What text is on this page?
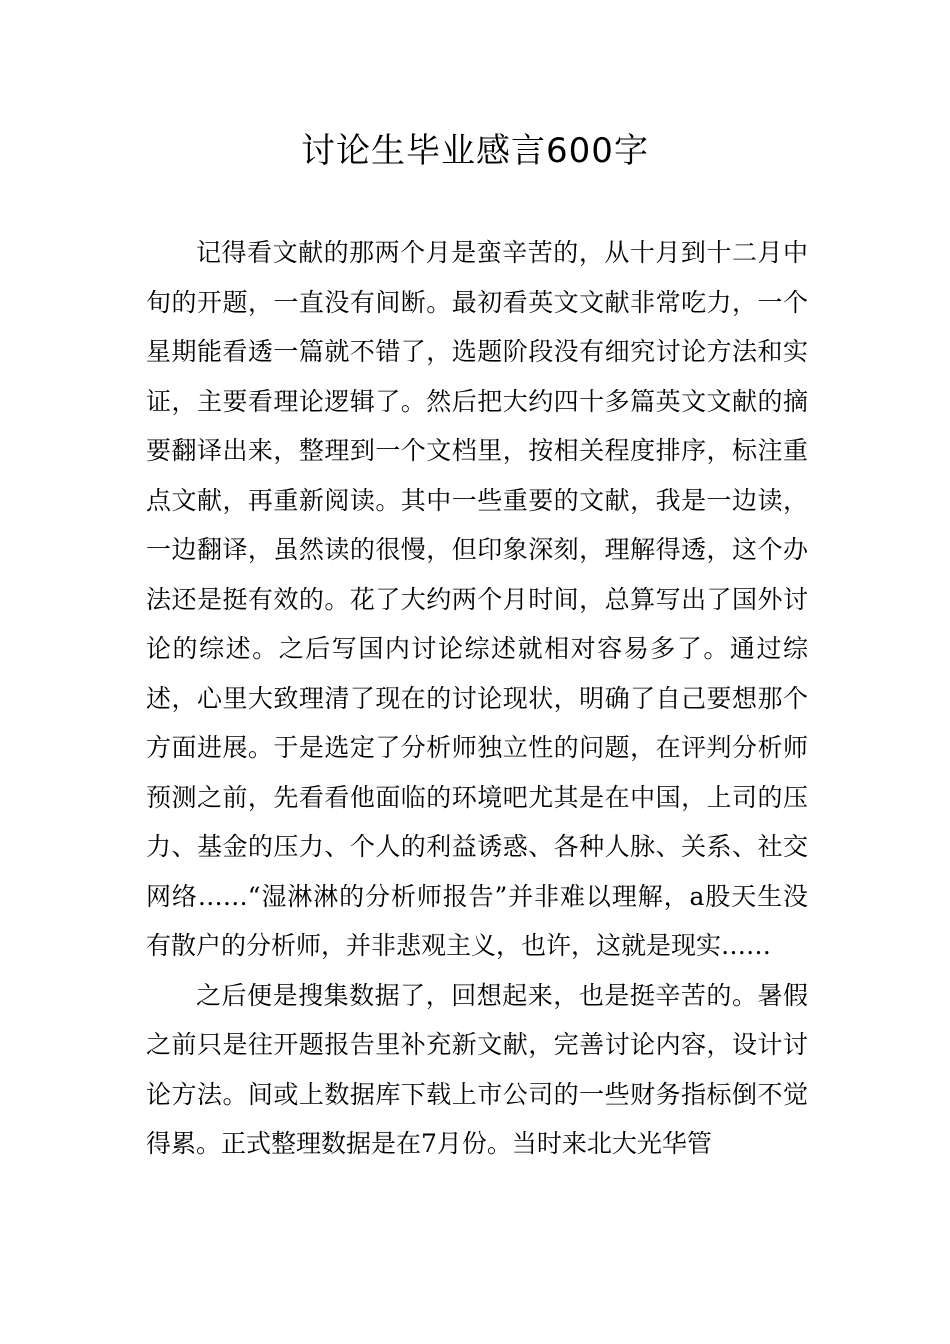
讨论生毕业感言600字

记得看文献的那两个月是蛮辛苦的，从十月到十二月中旬的开题，一直没有间断。最初看英文文献非常吃力，一个星期能看透一篇就不错了，选题阶段没有细究讨论方法和实证，主要看理论逻辑了。然后把大约四十多篇英文文献的摘要翻译出来，整理到一个文档里，按相关程度排序，标注重点文献，再重新阅读。其中一些重要的文献，我是一边读，一边翻译，虽然读的很慢，但印象深刻，理解得透，这个办法还是挺有效的。花了大约两个月时间，总算写出了国外讨论的综述。之后写国内讨论综述就相对容易多了。通过综述，心里大致理清了现在的讨论现状，明确了自己要想那个方面进展。于是选定了分析师独立性的问题，在评判分析师预测之前，先看看他面临的环境吧尤其是在中国，上司的压力、基金的压力、个人的利益诱惑、各种人脉、关系、社交网络……“湿淋淋的分析师报告”并非难以理解，a股天生没有散户的分析师，并非悲观主义，也许，这就是现实……

之后便是搜集数据了，回想起来，也是挺辛苦的。暑假之前只是往开题报告里补充新文献，完善讨论内容，设计讨论方法。间或上数据库下载上市公司的一些财务指标倒不觉得累。正式整理数据是在7月份。当时来北大光华管
